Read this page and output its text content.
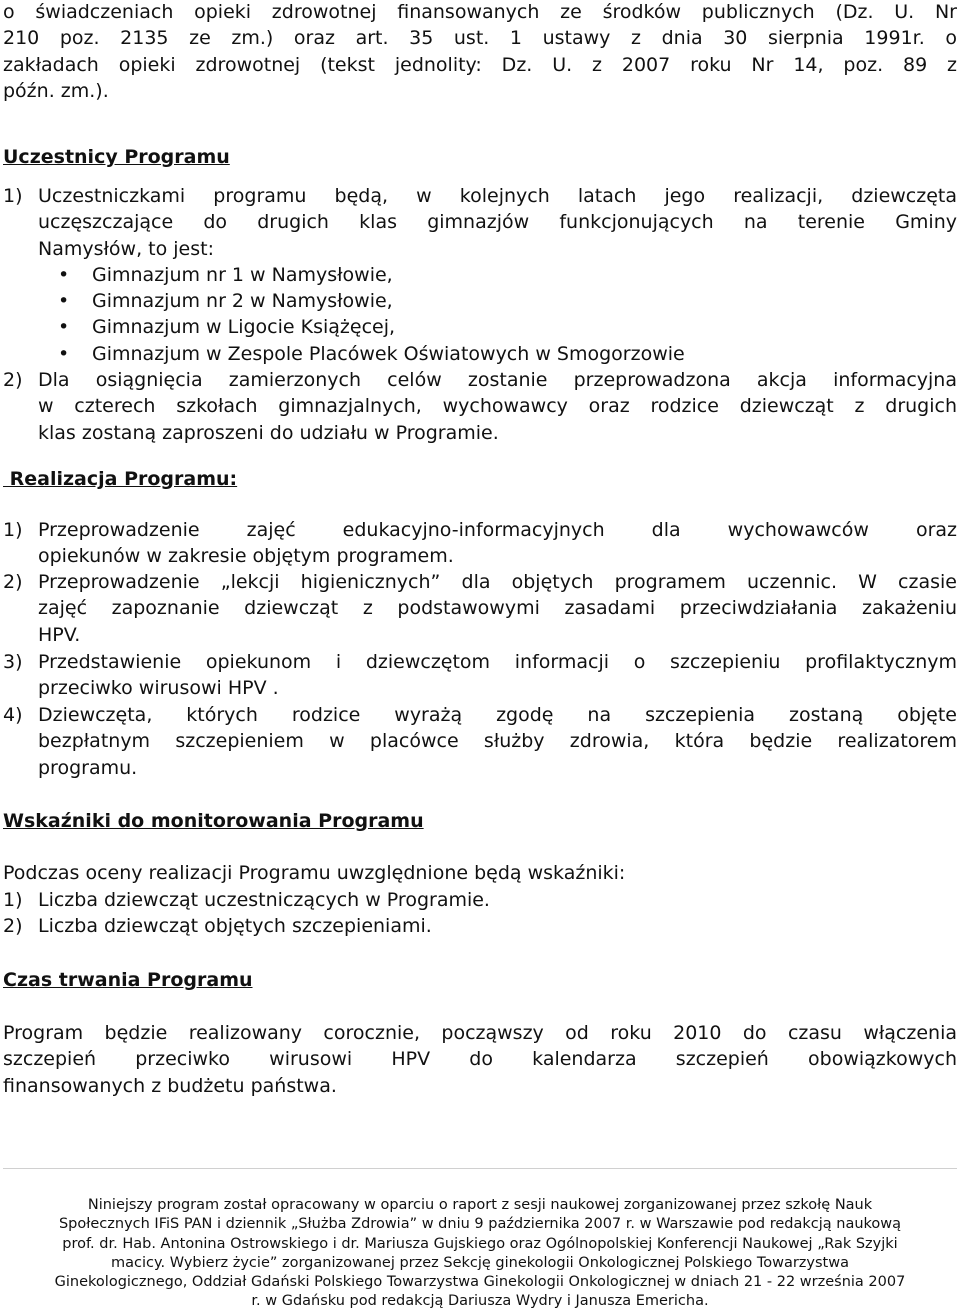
o świadczeniach opieki zdrowotnej finansowanych ze środków publicznych (Dz. U. Nr
210 poz. 2135 ze zm.) oraz art. 35 ust. 1 ustawy z dnia 30 sierpnia 1991r. o
zakładach opieki zdrowotnej (tekst jednolity: Dz. U. z 2007 roku Nr 14, poz. 89 z
późn. zm.).
Uczestnicy Programu
1) Uczestniczkami programu będą, w kolejnych latach jego realizacji, dziewczęta
uczęszczające do drugich klas gimnazjów funkcjonujących na terenie Gminy
Namysłów, to jest:
• Gimnazjum nr 1 w Namysłowie,
• Gimnazjum nr 2 w Namysłowie,
• Gimnazjum w Ligocie Książęcej,
• Gimnazjum w Zespole Placówek Oświatowych w Smogorzowie
2) Dla osiągnięcia zamierzonych celów zostanie przeprowadzona akcja informacyjna
w czterech szkołach gimnazjalnych, wychowawcy oraz rodzice dziewcząt z drugich
klas zostaną zaproszeni do udziału w Programie.
Realizacja Programu:
1) Przeprowadzenie zajęć edukacyjno-informacyjnych dla wychowawców oraz
opiekunów w zakresie objętym programem.
2) Przeprowadzenie „lekcji higienicznych” dla objętych programem uczennic. W czasie
zajęć zapoznanie dziewcząt z podstawowymi zasadami przeciwdziałania zakażeniu
HPV.
3) Przedstawienie opiekunom i dziewczętom informacji o szczepieniu profilaktycznym
przeciwko wirusowi HPV .
4) Dziewczęta, których rodzice wyrażą zgodę na szczepienia zostaną objęte
bezpłatnym szczepieniem w placówce służby zdrowia, która będzie realizatorem
programu.
Wskaźniki do monitorowania Programu
Podczas oceny realizacji Programu uwzględnione będą wskaźniki:
1) Liczba dziewcząt uczestniczących w Programie.
2) Liczba dziewcząt objętych szczepieniami.
Czas trwania Programu
Program będzie realizowany corocznie, począwszy od roku 2010 do czasu włączenia
szczepień przeciwko wirusowi HPV do kalendarza szczepień obowiązkowych
finansowanych z budżetu państwa.
Niniejszy program został opracowany w oparciu o raport z sesji naukowej zorganizowanej przez szkołę Nauk
Społecznych IFiS PAN i dziennik „Służba Zdrowia” w dniu 9 października 2007 r. w Warszawie pod redakcją naukową
prof. dr. Hab. Antonina Ostrowskiego i dr. Mariusza Gujskiego oraz Ogólnopolskiej Konferencji Naukowej „Rak Szyjki
macicy. Wybierz życie” zorganizowanej przez Sekcję ginekologii Onkologicznej Polskiego Towarzystwa
Ginekologicznego, Oddział Gdański Polskiego Towarzystwa Ginekologii Onkologicznej w dniach 21 - 22 września 2007
r. w Gdańsku pod redakcją Dariusza Wydry i Janusza Emericha.
